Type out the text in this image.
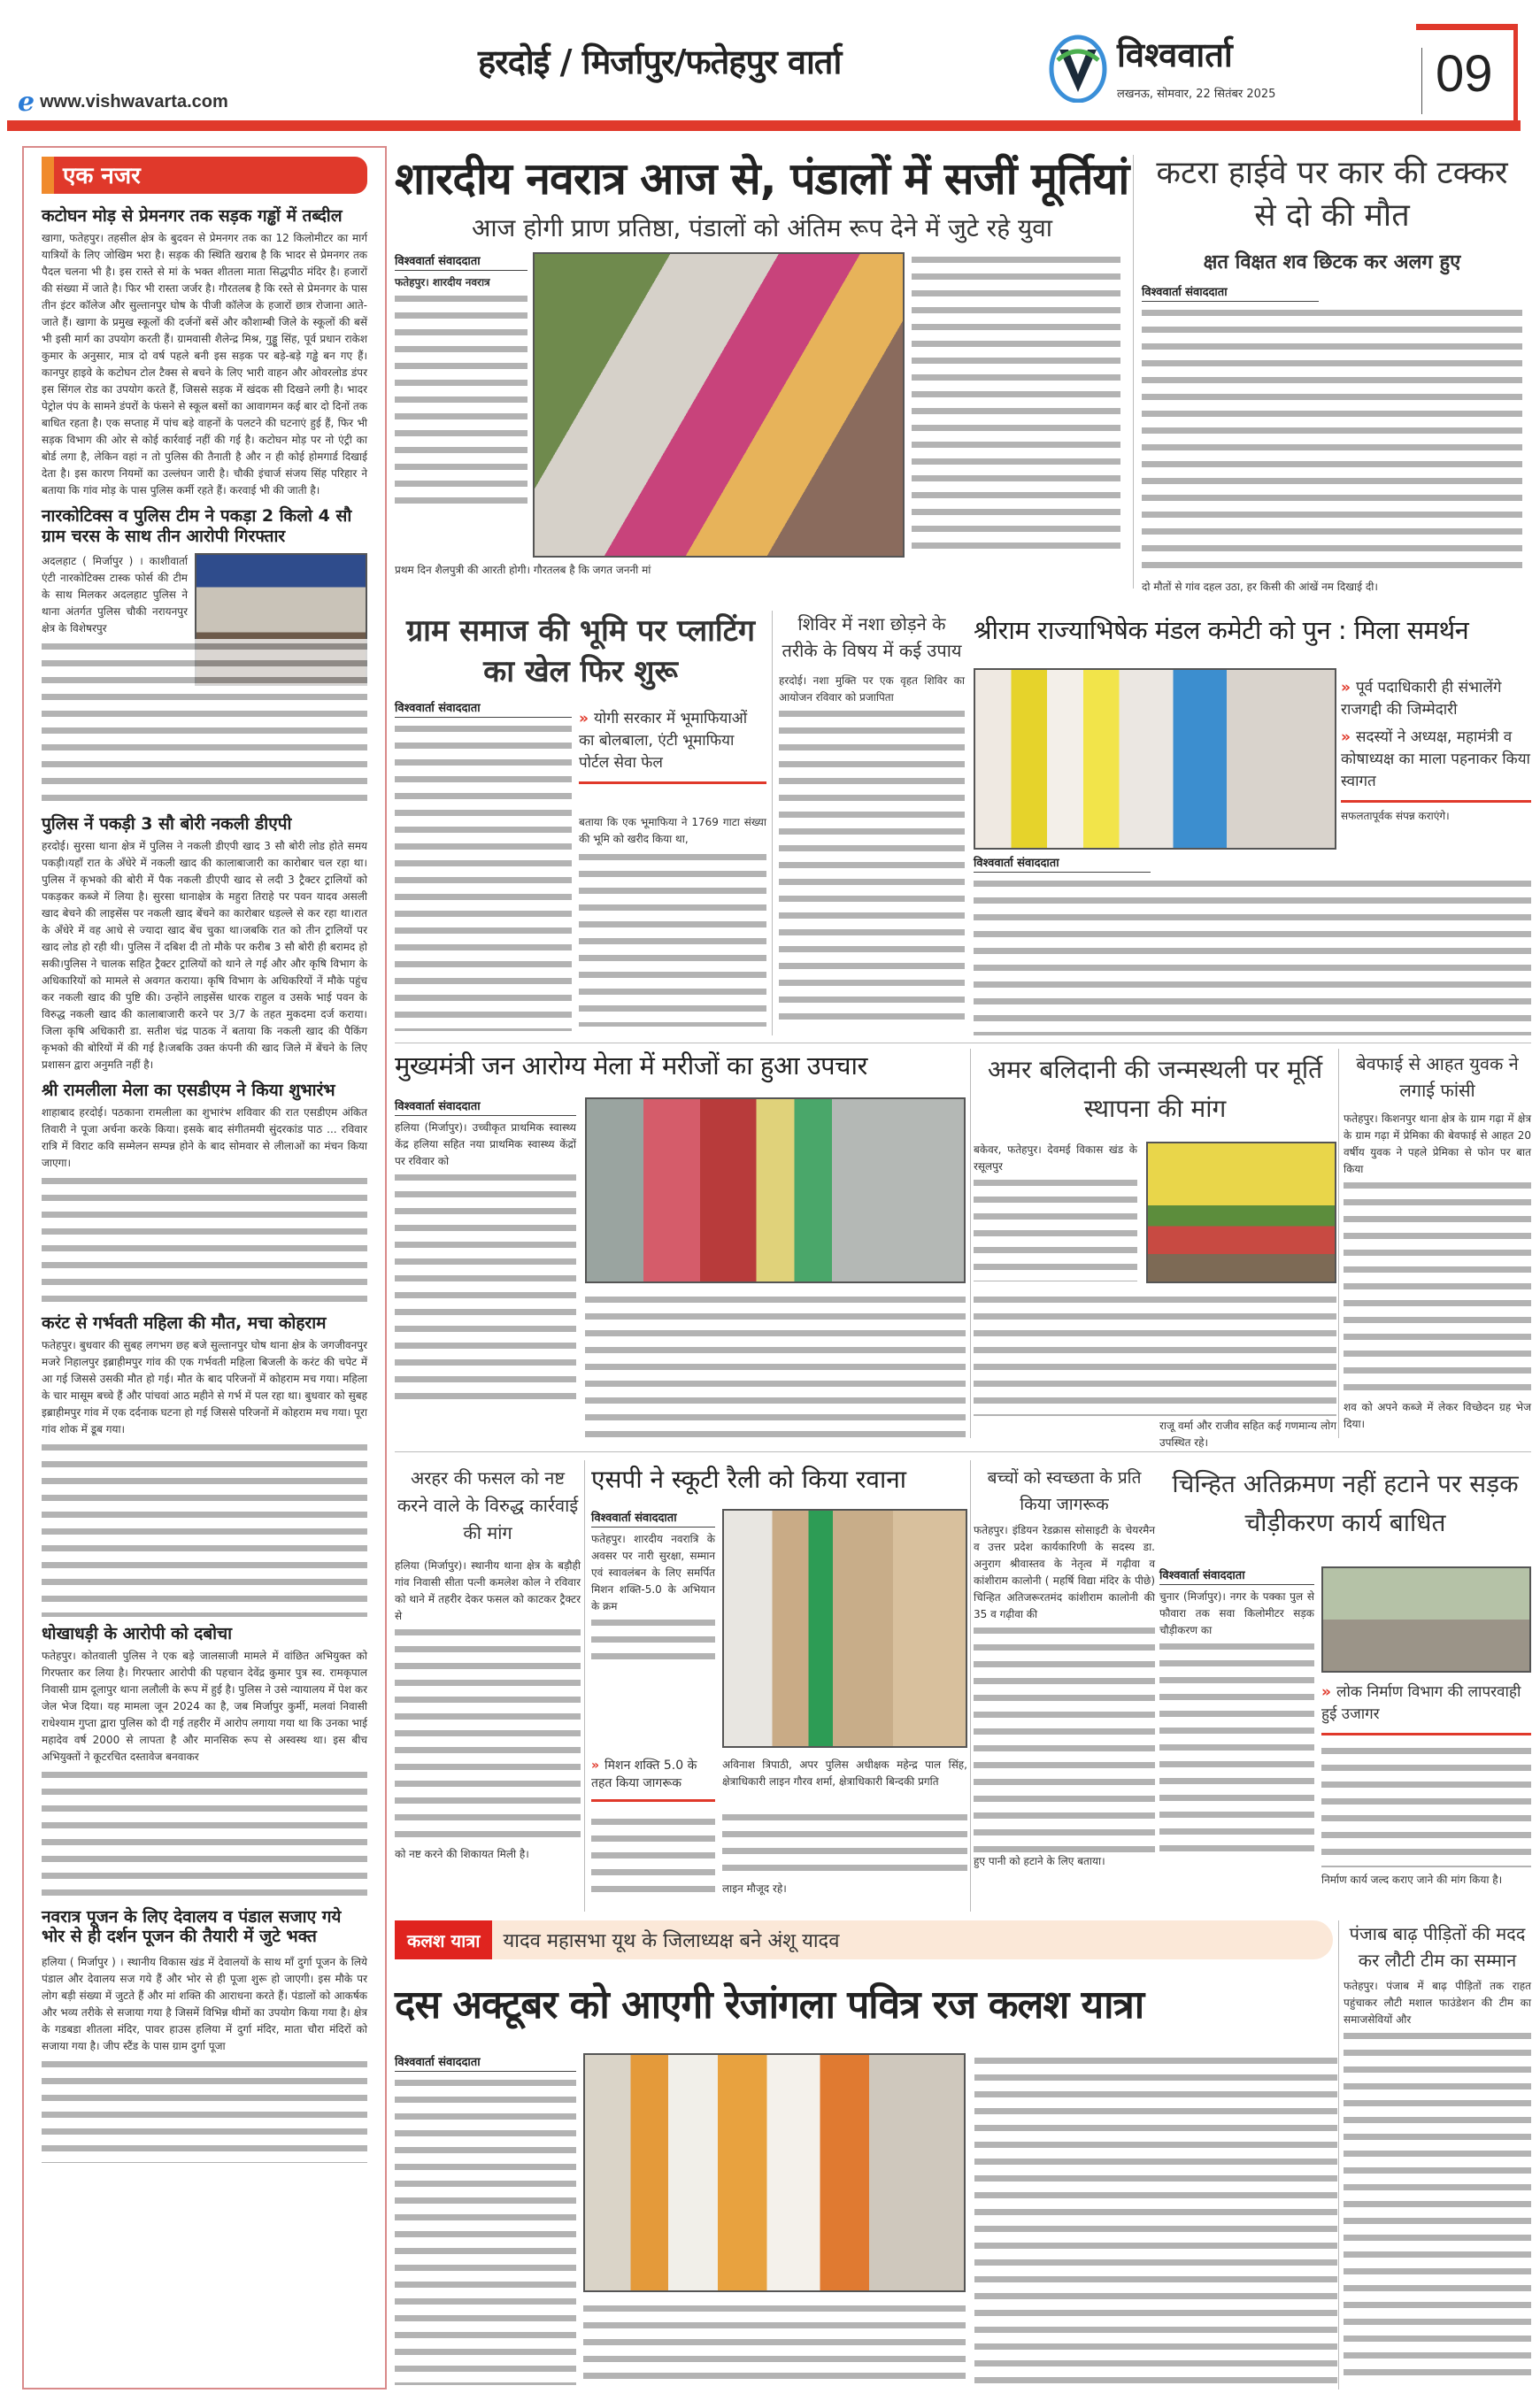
e www.vishwavarta.com
हरदोई / मिर्जापुर/फतेहपुर वार्ता	विश्ववार्ता
लखनऊ, सोमवार, 22 सितंबर 2025	09
एक नजर
कटोघन मोड़ से प्रेमनगर तक सड़क गड्ढों में तब्दील
खागा, फतेहपुर। तहसील क्षेत्र के बुदवन से प्रेमनगर तक का 12 किलोमीटर का मार्ग यात्रियों के लिए जोखिम भरा है। सड़क की स्थिति खराब है कि भादर से प्रेमनगर तक पैदल चलना भी है। इस रास्ते से मां के भक्त शीतला माता सिद्धपीठ मंदिर है। हजारों की संख्या में जाते है। फिर भी रास्ता जर्जर है। गौरतलब है कि रस्ते से प्रेमनगर के पास तीन इंटर कॉलेज और सुल्तानपुर घोष के पीजी कॉलेज के हजारों छात्र रोजाना आते-जाते हैं। खागा के प्रमुख स्कूलों की दर्जनों बसें और कौशाम्बी जिले के स्कूलों की बसें भी इसी मार्ग का उपयोग करती हैं। ग्रामवासी शैलेन्द्र मिश्र, गुड्डू सिंह, पूर्व प्रधान राकेश कुमार के अनुसार, मात्र दो वर्ष पहले बनी इस सड़क पर बड़े-बड़े गड्ढे बन गए हैं। कानपुर हाइवे के कटोघन टोल टैक्स से बचने के लिए भारी वाहन और ओवरलोड डंपर इस सिंगल रोड का उपयोग करते हैं, जिससे सड़क में खंदक सी दिखने लगी है। भादर पेट्रोल पंप के सामने डंपरों के फंसने से स्कूल बसों का आवागमन कई बार दो दिनों तक बाधित रहता है। एक सप्ताह में पांच बड़े वाहनों के पलटने की घटनाएं हुई हैं, फिर भी सड़क विभाग की ओर से कोई कार्रवाई नहीं की गई है। कटोघन मोड़ पर नो एंट्री का बोर्ड लगा है, लेकिन वहां न तो पुलिस की तैनाती है और न ही कोई होमगार्ड दिखाई देता है। इस कारण नियमों का उल्लंघन जारी है। चौकी इंचार्ज संजय सिंह परिहार ने बताया कि गांव मोड़ के पास पुलिस कर्मी रहते हैं। करवाई भी की जाती है।
नारकोटिक्स व पुलिस टीम ने पकड़ा 2 किलो 4 सौ ग्राम चरस के साथ तीन आरोपी गिरफ्तार
अदलहाट ( मिर्जापुर ) । काशीवार्ता एंटी नारकोटिक्स टास्क फोर्स की टीम के साथ मिलकर अदलहाट पुलिस ने थाना अंतर्गत पुलिस चौकी नरायनपुर क्षेत्र के विशेषरपुर
पुलिस नें पकड़ी 3 सौ बोरी नकली डीएपी
हरदोई। सुरसा थाना क्षेत्र में पुलिस ने नकली डीएपी खाद 3 सौ बोरी लोड होते समय पकड़ी।यहाँ रात के अँधेरे में नकली खाद की कालाबाजारी का कारोबार चल रहा था।पुलिस नें कृभको की बोरी में पैक नकली डीएपी खाद से लदी 3 ट्रैक्टर ट्रालियों को पकड़कर कब्जे में लिया है। सुरसा थानाक्षेत्र के महुरा तिराहे पर पवन यादव असली खाद बेचने की लाइसेंस पर नकली खाद बेंचने का कारोबार धड़ल्ले से कर रहा था।रात के अँधेरे में वह आधे से ज्यादा खाद बेंच चुका था।जबकि रात को तीन ट्रालियों पर खाद लोड हो रही थी। पुलिस नें दबिश दी तो मौके पर करीब 3 सौ बोरी ही बरामद हो सकी।पुलिस ने चालक सहित ट्रैक्टर ट्रालियों को थाने ले गई और और कृषि विभाग के अधिकारियों को मामले से अवगत कराया। कृषि विभाग के अधिकरियों नें मौके पहुंच कर नकली खाद की पुष्टि की। उन्होंने लाइसेंस धारक राहुल व उसके भाई पवन के विरुद्ध नकली खाद की कालाबाजारी करने पर 3/7 के तहत मुकदमा दर्ज कराया। जिला कृषि अधिकारी डा. सतीश चंद्र पाठक नें बताया कि नकली खाद की पैकिंग कृभको की बोरियों में की गई है।जबकि उक्त कंपनी की खाद जिले में बेंचने के लिए प्रशासन द्वारा अनुमति नहीं है।
श्री रामलीला मेला का एसडीएम ने किया शुभारंभ
शाहाबाद हरदोई। पठकाना रामलीला का शुभारंभ शविवार की रात एसडीएम अंकित तिवारी ने पूजा अर्चना करके किया। इसके बाद संगीतमयी सुंदरकांड पाठ ... रविवार रात्रि में विराट कवि सम्मेलन सम्पन्न होने के बाद सोमवार से लीलाओं का मंचन किया जाएगा।
करंट से गर्भवती महिला की मौत, मचा कोहराम
फतेहपुर। बुधवार की सुबह लगभग छह बजे सुल्तानपुर घोष थाना क्षेत्र के जगजीवनपुर मजरे निहालपुर इब्राहीमपुर गांव की एक गर्भवती महिला बिजली के करंट की चपेट में आ गई जिससे उसकी मौत हो गई। मौत के बाद परिजनों में कोहराम मच गया। महिला के चार मासूम बच्चे हैं और पांचवां आठ महीने से गर्भ में पल रहा था। बुधवार को सुबह इब्राहीमपुर गांव में एक दर्दनाक घटना हो गई जिससे परिजनों में कोहराम मच गया। पूरा गांव शोक में डूब गया।
धोखाधड़ी के आरोपी को दबोचा
फतेहपुर। कोतवाली पुलिस ने एक बड़े जालसाजी मामले में वांछित अभियुक्त को गिरफ्तार कर लिया है। गिरफ्तार आरोपी की पहचान देवेंद्र कुमार पुत्र स्व. रामकृपाल निवासी ग्राम दूलापुर थाना ललौली के रूप में हुई है। पुलिस ने उसे न्यायालय में पेश कर जेल भेज दिया। यह मामला जून 2024 का है, जब मिर्जापुर कुर्मी, मलवां निवासी राधेश्याम गुप्ता द्वारा पुलिस को दी गई तहरीर में आरोप लगाया गया था कि उनका भाई महादेव वर्ष 2000 से लापता है और मानसिक रूप से अस्वस्थ था। इस बीच अभियुक्तों ने कूटरचित दस्तावेज बनवाकर
नवरात्र पूजन के लिए देवालय व पंडाल सजाए गये भोर से ही दर्शन पूजन की तैयारी में जुटे भक्त
हलिया ( मिर्जापुर ) । स्थानीय विकास खंड में देवालयों के साथ माँ दुर्गा पूजन के लिये पंडाल और देवालय सज गये हैं और भोर से ही पूजा शुरू हो जाएगी। इस मौके पर लोग बड़ी संख्या में जुटते हैं और मां शक्ति की आराधना करते हैं। पंडालों को आकर्षक और भव्य तरीके से सजाया गया है जिसमें विभिन्न थीमों का उपयोग किया गया है। क्षेत्र के गडबडा शीतला मंदिर, पावर हाउस हलिया में दुर्गा मंदिर, माता चौरा मंदिरों को सजाया गया है। जीप स्टैंड के पास ग्राम दुर्गा पूजा
शारदीय नवरात्र आज से, पंडालों में सजीं मूर्तियां
आज होगी प्राण प्रतिष्ठा, पंडालों को अंतिम रूप देने में जुटे रहे युवा
विश्ववार्ता संवाददाता
फतेहपुर। शारदीय नवरात्र
प्रथम दिन शैलपुत्री की आरती होगी। गौरतलब है कि जगत जननी मां
कटरा हाईवे पर कार की टक्कर से दो की मौत
क्षत विक्षत शव छिटक कर अलग हुए
विश्ववार्ता संवाददाता
दो मौतों से गांव दहल उठा, हर किसी की आंखें नम दिखाई दी।
ग्राम समाज की भूमि पर प्लाटिंग का खेल फिर शुरू
विश्ववार्ता संवाददाता
» योगी सरकार में भूमाफियाओं का बोलबाला, एंटी भूमाफिया पोर्टल सेवा फेल
बताया कि एक भूमाफिया ने 1769 गाटा संख्या की भूमि को खरीद किया था,
शिविर में नशा छोड़ने के तरीके के विषय में कई उपाय
हरदोई। नशा मुक्ति पर एक वृहत शिविर का आयोजन रविवार को प्रजापिता
श्रीराम राज्याभिषेक मंडल कमेटी को पुन : मिला समर्थन
» पूर्व पदाधिकारी ही संभालेंगे राजगद्दी की जिम्मेदारी
» सदस्यों ने अध्यक्ष, महामंत्री व कोषाध्यक्ष का माला पहनाकर किया स्वागत
सफलतापूर्वक संपन्न कराएंगे।
विश्ववार्ता संवाददाता
मुख्यमंत्री जन आरोग्य मेला में मरीजों का हुआ उपचार
विश्ववार्ता संवाददाता
हलिया (मिर्जापुर)। उच्चीकृत प्राथमिक स्वास्थ्य केंद्र हलिया सहित नया प्राथमिक स्वास्थ्य केंद्रों पर रविवार को
अमर बलिदानी की जन्मस्थली पर मूर्ति स्थापना की मांग
बकेवर, फतेहपुर। देवमई विकास खंड के रसूलपुर
राजू वर्मा और राजीव सहित कई गणमान्य लोग उपस्थित रहे।
बेवफाई से आहत युवक ने लगाई फांसी
फतेहपुर। किशनपुर थाना क्षेत्र के ग्राम गढ़ा में क्षेत्र के ग्राम गढ़ा में प्रेमिका की बेवफाई से आहत 20 वर्षीय युवक ने पहले प्रेमिका से फोन पर बात किया
शव को अपने कब्जे में लेकर विच्छेदन ग्रह भेज दिया।
अरहर की फसल को नष्ट करने वाले के विरुद्ध कार्रवाई की मांग
हलिया (मिर्जापुर)। स्थानीय थाना क्षेत्र के बड़ौही गांव निवासी सीता पत्नी कमलेश कोल ने रविवार को थाने में तहरीर देकर फसल को काटकर ट्रैक्टर से
को नष्ट करने की शिकायत मिली है।
एसपी ने स्कूटी रैली को किया रवाना
विश्ववार्ता संवाददाता
फतेहपुर। शारदीय नवरात्रि के अवसर पर नारी सुरक्षा, सम्मान एवं स्वावलंबन के लिए समर्पित मिशन शक्ति-5.0 के अभियान के क्रम
» मिशन शक्ति 5.0 के तहत किया जागरूक
अविनाश त्रिपाठी, अपर पुलिस अधीक्षक महेन्द्र पाल सिंह, क्षेत्राधिकारी लाइन गौरव शर्मा, क्षेत्राधिकारी बिन्दकी प्रगति
लाइन मौजूद रहे।
बच्चों को स्वच्छता के प्रति किया जागरूक
फतेहपुर। इंडियन रेडक्रास सोसाइटी के चेयरमैन व उत्तर प्रदेश कार्यकारिणी के सदस्य डा. अनुराग श्रीवास्तव के नेतृत्व में गढ़ीवा व कांशीराम कालोनी ( महर्षि विद्या मंदिर के पीछे) चिन्हित अतिजरूरतमंद कांशीराम कालोनी की 35 व गढ़ीवा की
हुए पानी को हटाने के लिए बताया।
चिन्हित अतिक्रमण नहीं हटाने पर सड़क चौड़ीकरण कार्य बाधित
विश्ववार्ता संवाददाता
चुनार (मिर्जापुर)। नगर के पक्का पुल से फौवारा तक सवा किलोमीटर सड़क चौड़ीकरण का
» लोक निर्माण विभाग की लापरवाही हुई उजागर
निर्माण कार्य जल्द कराए जाने की मांग किया है।
कलश यात्रा	यादव महासभा यूथ के जिलाध्यक्ष बने अंशू यादव
दस अक्टूबर को आएगी रेजांगला पवित्र रज कलश यात्रा
विश्ववार्ता संवाददाता
पंजाब बाढ़ पीड़ितों की मदद कर लौटी टीम का सम्मान
फतेहपुर। पंजाब में बाढ़ पीड़ितों तक राहत पहुंचाकर लौटी मशाल फाउंडेशन की टीम का समाजसेवियों और
